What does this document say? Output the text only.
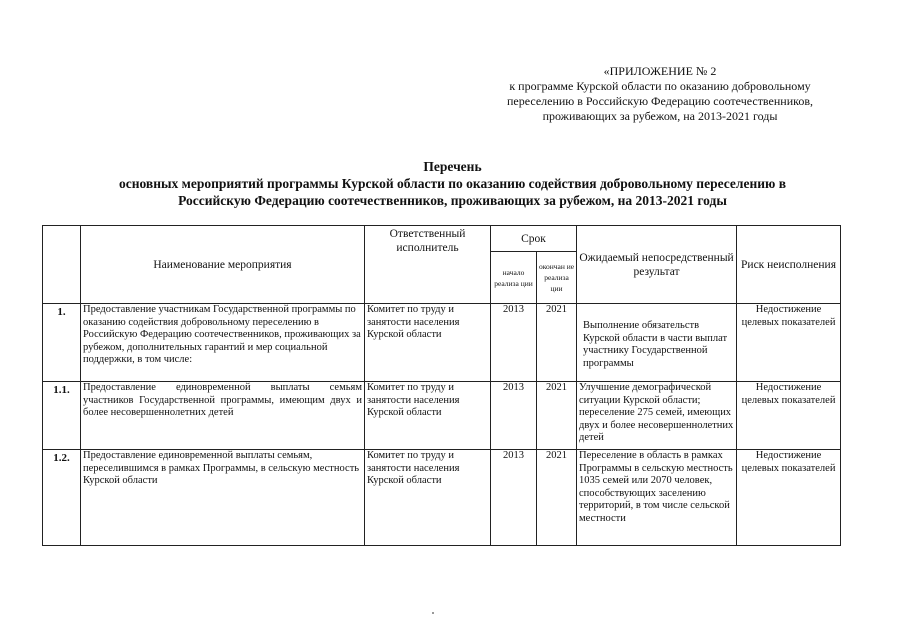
«ПРИЛОЖЕНИЕ № 2
к программе Курской области по оказанию добровольному
переселению в Российскую Федерацию соотечественников,
проживающих за рубежом, на 2013-2021 годы
Перечень
основных мероприятий программы Курской области по оказанию содействия добровольному переселению в
Российскую Федерацию соотечественников, проживающих за рубежом, на 2013-2021 годы
	Наименование мероприятия	Ответственный исполнитель	Срок		Ожидаемый непосредственный результат	Риск неисполнения
			начало реализа ции	окончан ие реализа ции		
1.	Предоставление участникам Государственной программы по оказанию содействия добровольному переселению в Российскую Федерацию соотечественников, проживающих за рубежом, дополнительных гарантий и мер социальной поддержки, в том числе:	Комитет по труду и занятости населения Курской области	2013	2021	Выполнение обязательств Курской области в части выплат участнику Государственной программы	Недостижение целевых показателей
1.1.	Предоставление единовременной выплаты семьям участников Государственной программы, имеющим двух и более несовершеннолетних детей	Комитет по труду и занятости населения Курской области	2013	2021	Улучшение демографической ситуации Курской области; переселение 275 семей, имеющих двух и более несовершеннолетних детей	Недостижение целевых показателей
1.2.	Предоставление единовременной выплаты семьям, переселившимся в рамках Программы, в сельскую местность Курской области	Комитет по труду и занятости населения Курской области	2013	2021	Переселение в область в рамках Программы в сельскую местность 1035 семей или 2070 человек, способствующих заселению территорий, в том числе сельской местности	Недостижение целевых показателей
